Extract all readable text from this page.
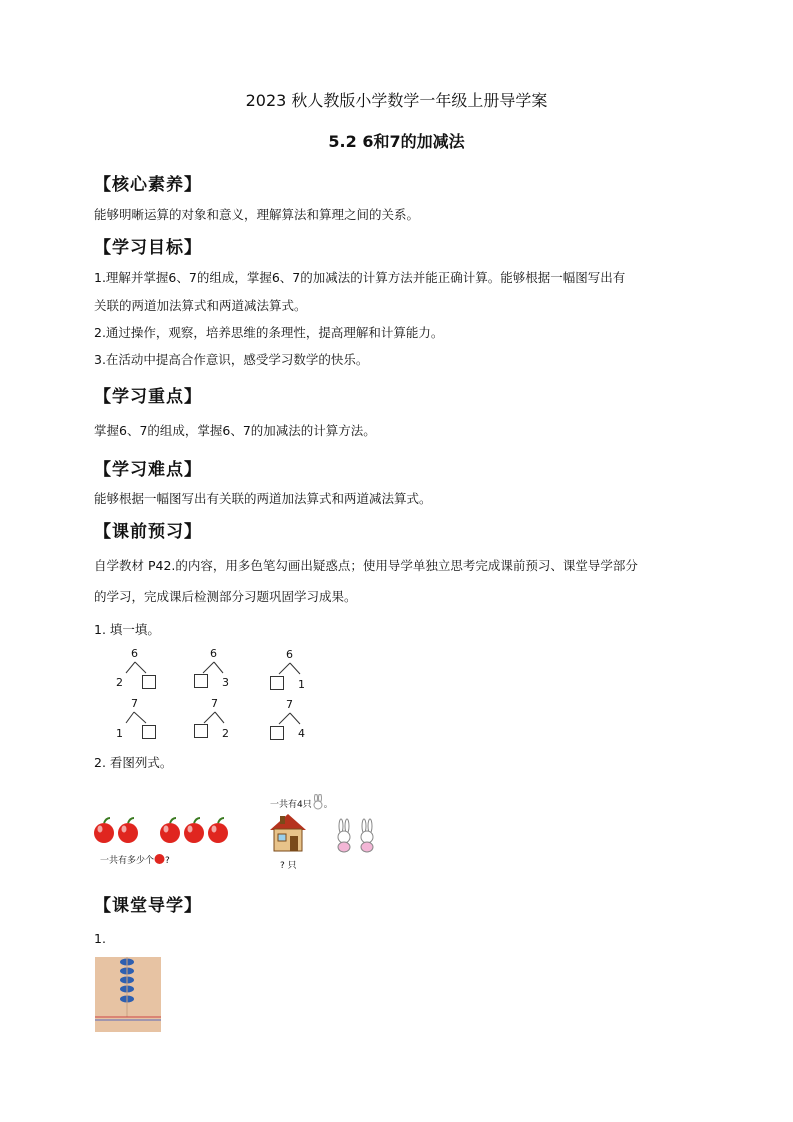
2023 秋人教版小学数学一年级上册导学案
5.2 6和7的加减法
【核心素养】
能够明晰运算的对象和意义，理解算法和算理之间的关系。
【学习目标】
1.理解并掌握6、7的组成，掌握6、7的加减法的计算方法并能正确计算。能够根据一幅图写出有
关联的两道加法算式和两道减法算式。
2.通过操作，观察，培养思维的条理性，提高理解和计算能力。
3.在活动中提高合作意识，感受学习数学的快乐。
【学习重点】
掌握6、7的组成，掌握6、7的加减法的计算方法。
【学习难点】
能够根据一幅图写出有关联的两道加法算式和两道减法算式。
【课前预习】
自学教材 P42.的内容，用多色笔勾画出疑惑点；使用导学单独立思考完成课前预习、课堂导学部分
的学习，完成课后检测部分习题巩固学习成果。
1. 填一填。
6
2
6
3
6
1
7
1
7
2
7
4
2. 看图列式。
一共有多少个 ?
一共有4只 。
? 只
【课堂导学】
1.
